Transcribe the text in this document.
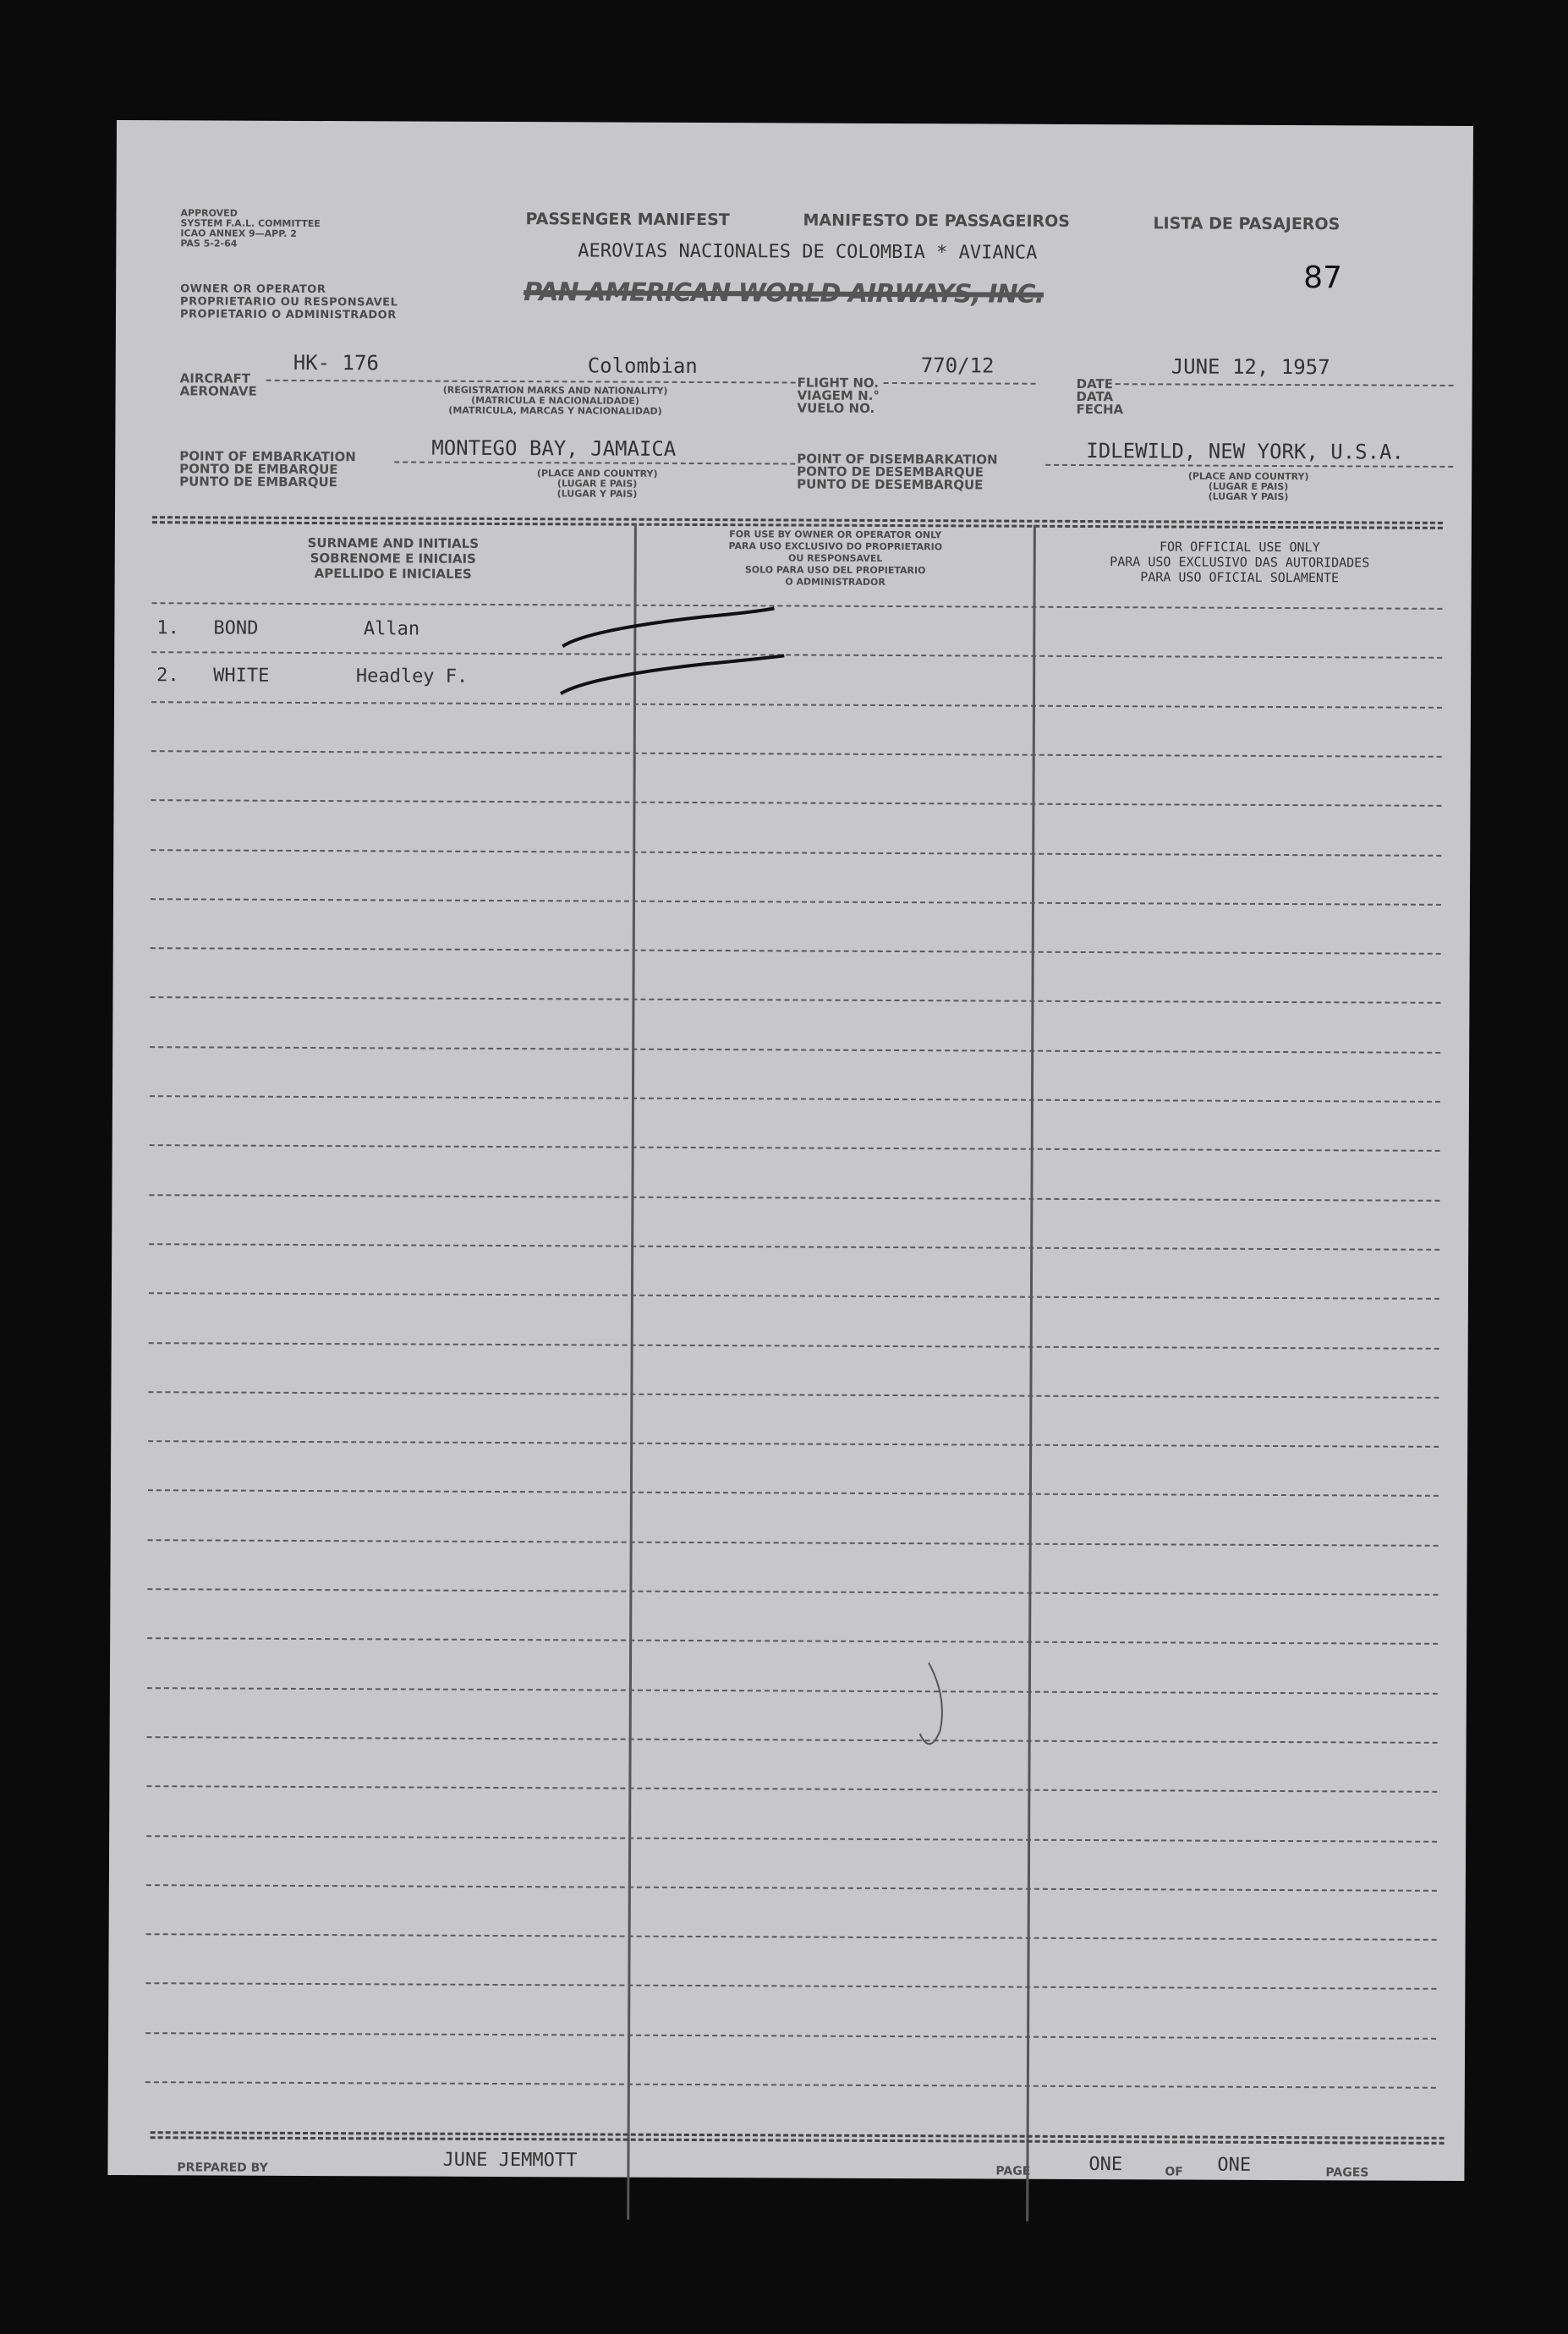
APPROVED
SYSTEM F.A.L. COMMITTEE
ICAO ANNEX 9—APP. 2
PAS 5-2-64
OWNER OR OPERATOR
PROPRIETARIO OU RESPONSAVEL
PROPIETARIO O ADMINISTRADOR
PASSENGER MANIFEST	MANIFESTO DE PASSAGEIROS	LISTA DE PASAJEROS
AEROVIAS NACIONALES DE COLOMBIA * AVIANCA
PAN AMERICAN WORLD AIRWAYS, INC.	87
AIRCRAFT
AERONAVE
HK- 176	Colombian
(REGISTRATION MARKS AND NATIONALITY)
(MATRICULA E NACIONALIDADE)
(MATRICULA, MARCAS Y NACIONALIDAD)
FLIGHT NO.
VIAGEM N.°
VUELO NO.
770/12
DATE
DATA
FECHA
JUNE 12, 1957
POINT OF EMBARKATION
PONTO DE EMBARQUE
PUNTO DE EMBARQUE
MONTEGO BAY, JAMAICA
(PLACE AND COUNTRY)
(LUGAR E PAIS)
(LUGAR Y PAIS)
POINT OF DISEMBARKATION
PONTO DE DESEMBARQUE
PUNTO DE DESEMBARQUE
IDLEWILD, NEW YORK, U.S.A.
(PLACE AND COUNTRY)
(LUGAR E PAIS)
(LUGAR Y PAIS)
SURNAME AND INITIALS
SOBRENOME E INICIAIS
APELLIDO E INICIALES
FOR USE BY OWNER OR OPERATOR ONLY
PARA USO EXCLUSIVO DO PROPRIETARIO
OU RESPONSAVEL
SOLO PARA USO DEL PROPIETARIO
O ADMINISTRADOR
FOR OFFICIAL USE ONLY
PARA USO EXCLUSIVO DAS AUTORIDADES
PARA USO OFICIAL SOLAMENTE
1. BOND	Allan
2. WHITE	Headley F.
PREPARED BY	JUNE JEMMOTT
PAGE	ONE	OF ONE	PAGES
